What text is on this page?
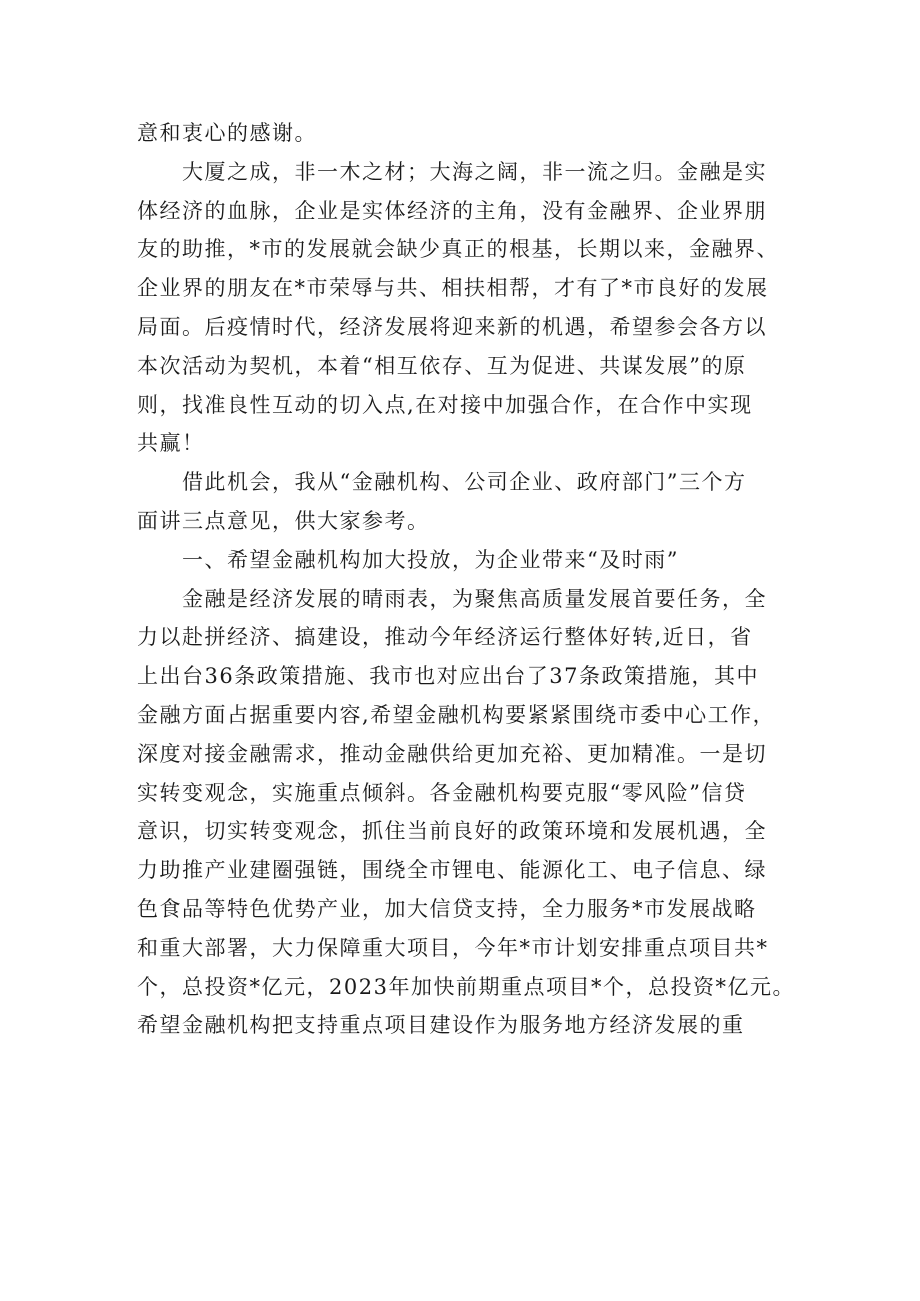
意和衷心的感谢。
大厦之成，非一木之材；大海之阔，非一流之归。金融是实
体经济的血脉，企业是实体经济的主角，没有金融界、企业界朋
友的助推，*市的发展就会缺少真正的根基，长期以来，金融界、
企业界的朋友在*市荣辱与共、相扶相帮，才有了*市良好的发展
局面。后疫情时代，经济发展将迎来新的机遇，希望参会各方以
本次活动为契机，本着“相互依存、互为促进、共谋发展”的原
则，找准良性互动的切入点,在对接中加强合作，在合作中实现
共赢！
借此机会，我从“金融机构、公司企业、政府部门”三个方
面讲三点意见，供大家参考。
一、希望金融机构加大投放，为企业带来“及时雨”
金融是经济发展的晴雨表，为聚焦高质量发展首要任务，全
力以赴拼经济、搞建设，推动今年经济运行整体好转,近日，省
上出台36条政策措施、我市也对应出台了37条政策措施，其中
金融方面占据重要内容,希望金融机构要紧紧围绕市委中心工作，
深度对接金融需求，推动金融供给更加充裕、更加精准。一是切
实转变观念，实施重点倾斜。各金融机构要克服“零风险”信贷
意识，切实转变观念，抓住当前良好的政策环境和发展机遇，全
力助推产业建圈强链，围绕全市锂电、能源化工、电子信息、绿
色食品等特色优势产业，加大信贷支持，全力服务*市发展战略
和重大部署，大力保障重大项目，今年*市计划安排重点项目共*
个，总投资*亿元，2023年加快前期重点项目*个，总投资*亿元。
希望金融机构把支持重点项目建设作为服务地方经济发展的重
